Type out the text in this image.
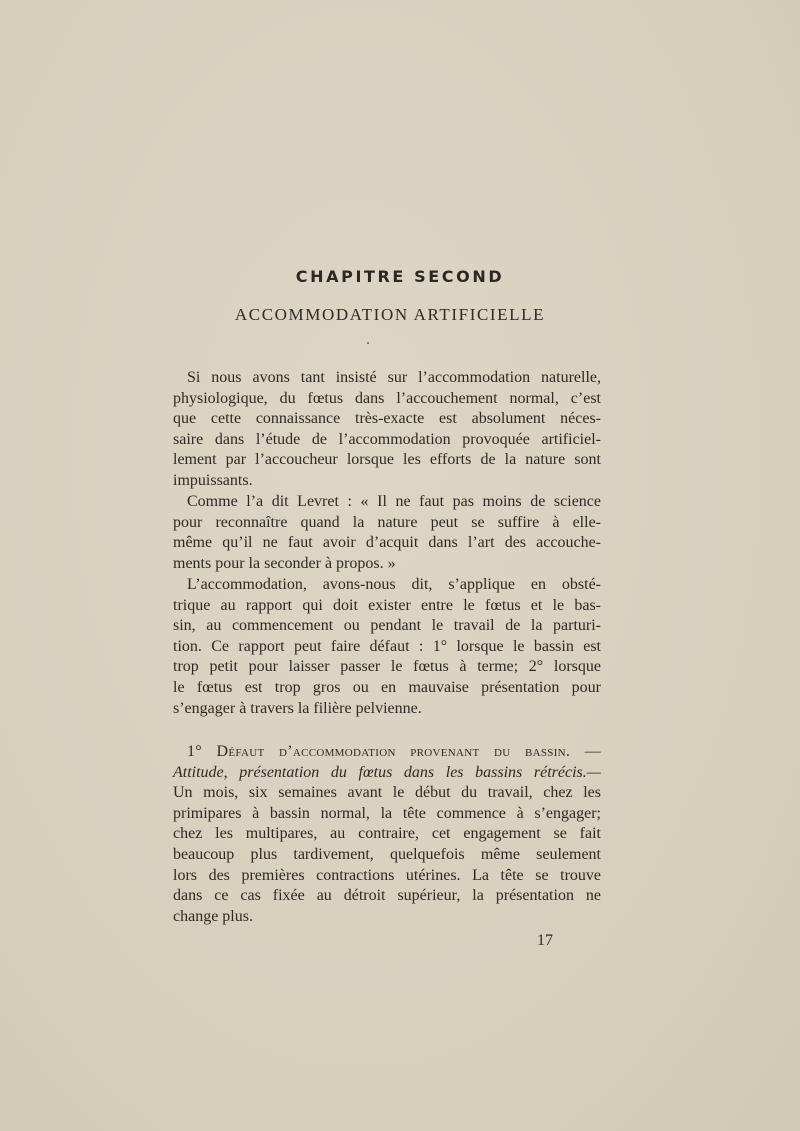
CHAPITRE SECOND
ACCOMMODATION ARTIFICIELLE
•
Si nous avons tant insisté sur l’accommodation naturelle,
physiologique, du fœtus dans l’accouchement normal, c’est
que cette connaissance très-exacte est absolument néces-
saire dans l’étude de l’accommodation provoquée artificiel-
lement par l’accoucheur lorsque les efforts de la nature sont
impuissants.
Comme l’a dit Levret : « Il ne faut pas moins de science
pour reconnaître quand la nature peut se suffire à elle-
même qu’il ne faut avoir d’acquit dans l’art des accouche-
ments pour la seconder à propos. »
L’accommodation, avons-nous dit, s’applique en obsté-
trique au rapport qui doit exister entre le fœtus et le bas-
sin, au commencement ou pendant le travail de la parturi-
tion. Ce rapport peut faire défaut : 1° lorsque le bassin est
trop petit pour laisser passer le fœtus à terme; 2° lorsque
le fœtus est trop gros ou en mauvaise présentation pour
s’engager à travers la filière pelvienne.
1° Défaut d’accommodation provenant du bassin. —
Attitude, présentation du fœtus dans les bassins rétrécis.—
Un mois, six semaines avant le début du travail, chez les
primipares à bassin normal, la tête commence à s’engager;
chez les multipares, au contraire, cet engagement se fait
beaucoup plus tardivement, quelquefois même seulement
lors des premières contractions utérines. La tête se trouve
dans ce cas fixée au détroit supérieur, la présentation ne
change plus.
17
